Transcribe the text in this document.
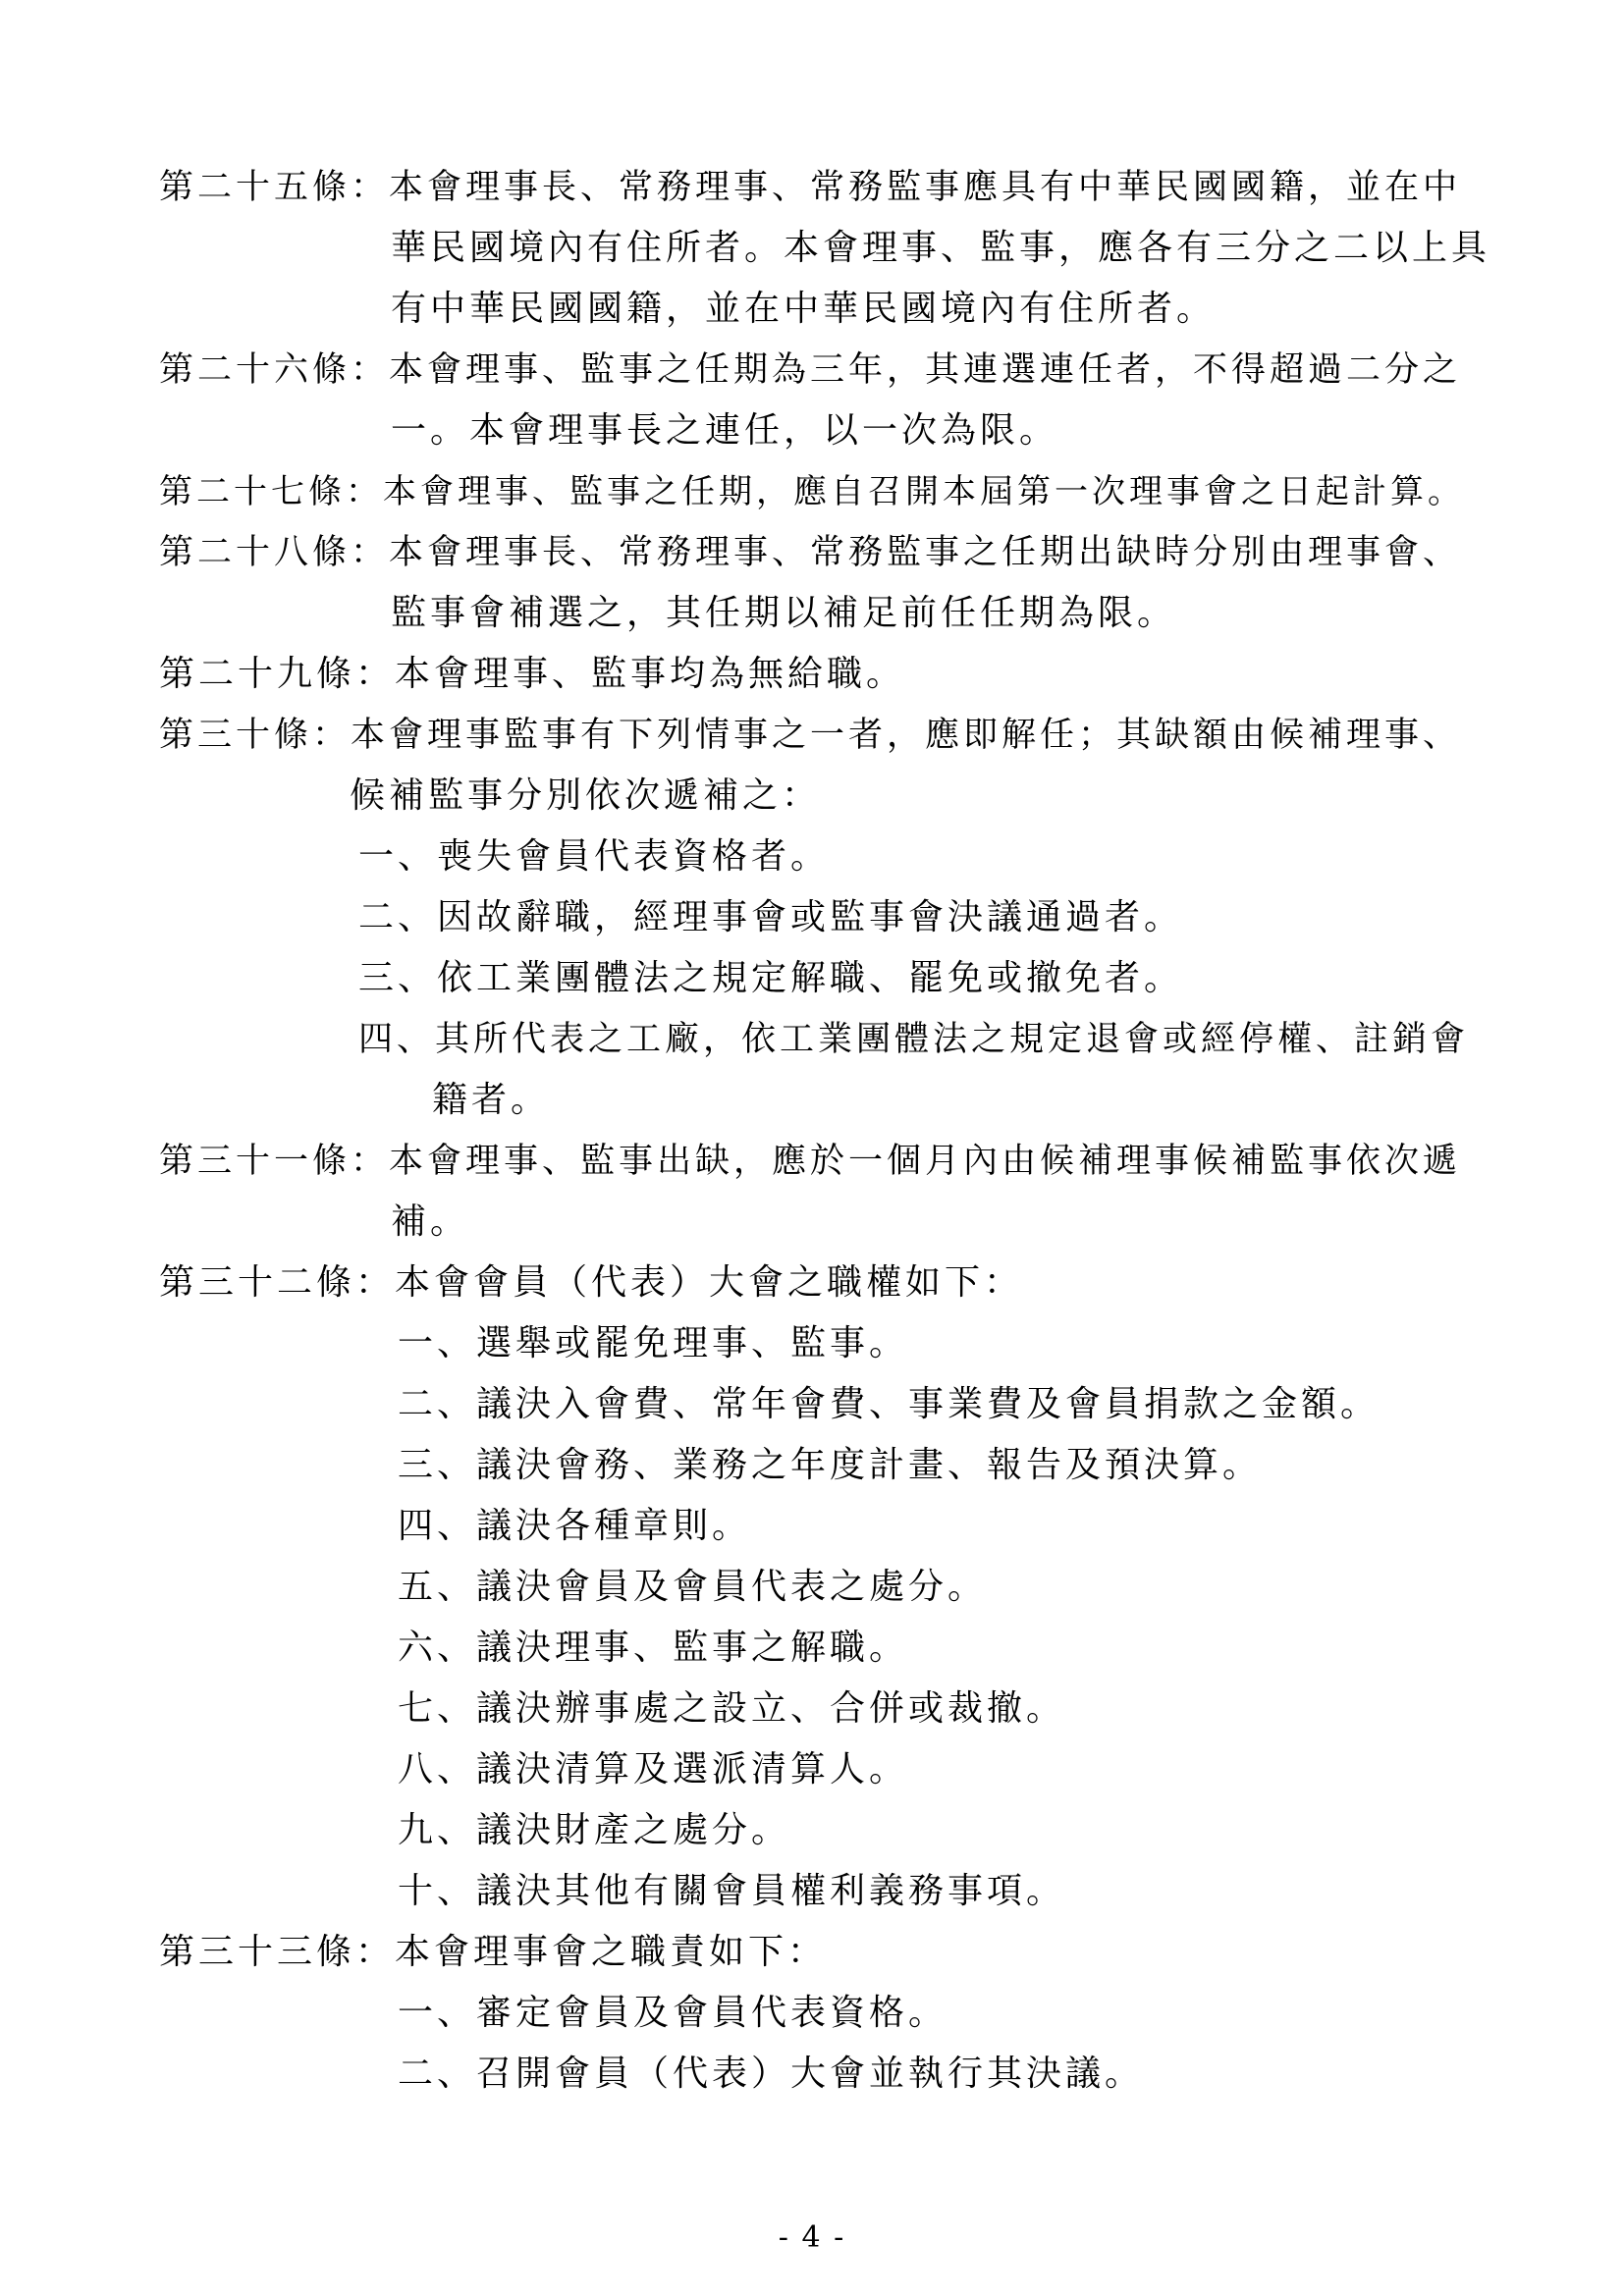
第二十五條：本會理事長、常務理事、常務監事應具有中華民國國籍，並在中
華民國境內有住所者。本會理事、監事，應各有三分之二以上具
有中華民國國籍，並在中華民國境內有住所者。
第二十六條：本會理事、監事之任期為三年，其連選連任者，不得超過二分之
一。本會理事長之連任，以一次為限。
第二十七條：本會理事、監事之任期，應自召開本屆第一次理事會之日起計算。
第二十八條：本會理事長、常務理事、常務監事之任期出缺時分別由理事會、
監事會補選之，其任期以補足前任任期為限。
第二十九條：本會理事、監事均為無給職。
第三十條：本會理事監事有下列情事之一者，應即解任；其缺額由候補理事、
候補監事分別依次遞補之：
一、喪失會員代表資格者。
二、因故辭職，經理事會或監事會決議通過者。
三、依工業團體法之規定解職、罷免或撤免者。
四、其所代表之工廠，依工業團體法之規定退會或經停權、註銷會
籍者。
第三十一條：本會理事、監事出缺，應於一個月內由候補理事候補監事依次遞
補。
第三十二條：本會會員（代表）大會之職權如下：
一、選舉或罷免理事、監事。
二、議決入會費、常年會費、事業費及會員捐款之金額。
三、議決會務、業務之年度計畫、報告及預決算。
四、議決各種章則。
五、議決會員及會員代表之處分。
六、議決理事、監事之解職。
七、議決辦事處之設立、合併或裁撤。
八、議決清算及選派清算人。
九、議決財產之處分。
十、議決其他有關會員權利義務事項。
第三十三條：本會理事會之職責如下：
一、審定會員及會員代表資格。
二、召開會員（代表）大會並執行其決議。
- 4 -
